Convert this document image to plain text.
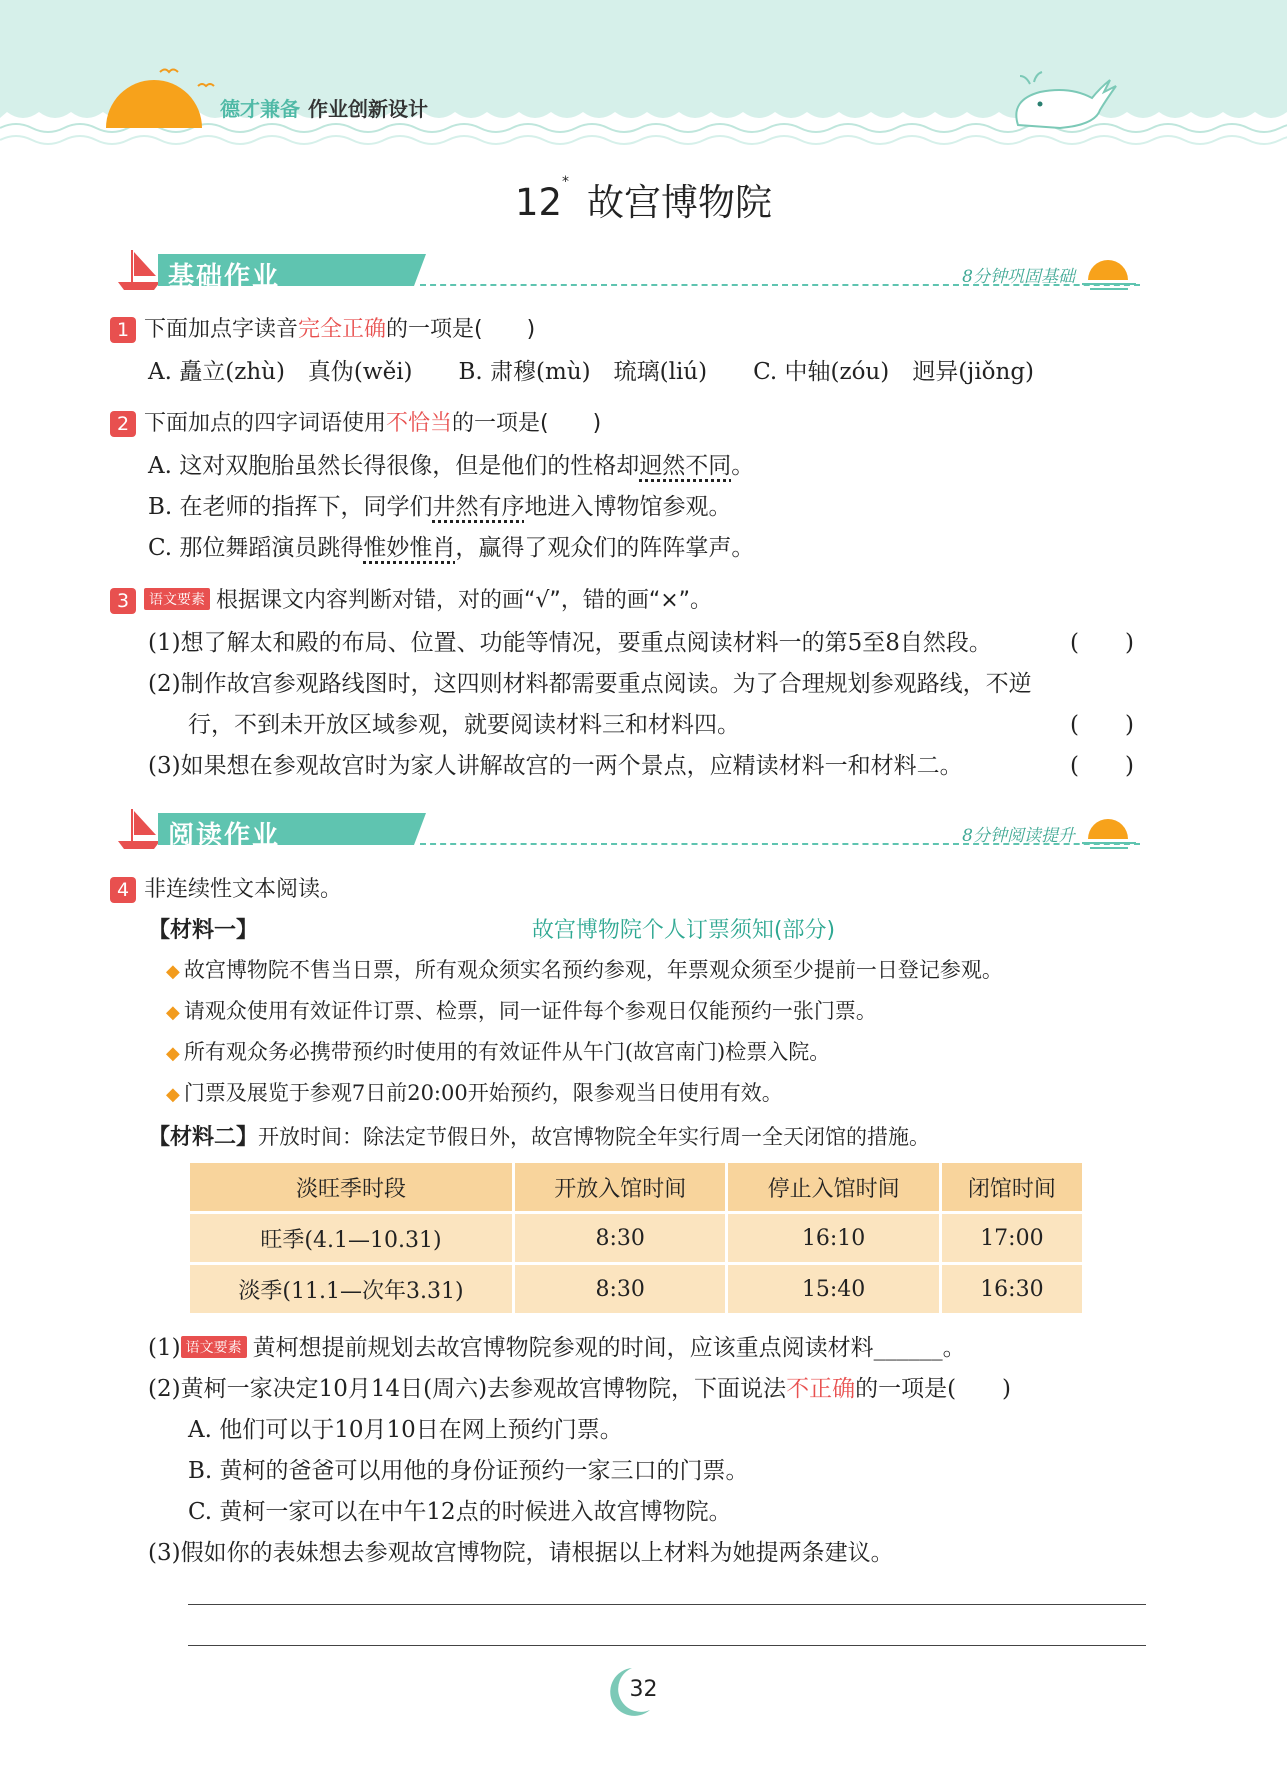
德才兼备 作业创新设计
12* 故宫博物院
基础作业	8分钟巩固基础
1 下面加点字读音完全正确的一项是(　　)
A. 矗立(zhù)　真伪(wěi)　　B. 肃穆(mù)　琉璃(liú)　　C. 中轴(zóu)　迥异(jiǒng)
2 下面加点的四字词语使用不恰当的一项是(　　)
A. 这对双胞胎虽然长得很像，但是他们的性格却迥然不同。
B. 在老师的指挥下，同学们井然有序地进入博物馆参观。
C. 那位舞蹈演员跳得惟妙惟肖，赢得了观众们的阵阵掌声。
3 语文要素 根据课文内容判断对错，对的画“√”，错的画“×”。
(1)想了解太和殿的布局、位置、功能等情况，要重点阅读材料一的第5至8自然段。	(　　)
(2)制作故宫参观路线图时，这四则材料都需要重点阅读。为了合理规划参观路线，不逆
行，不到未开放区域参观，就要阅读材料三和材料四。	(　　)
(3)如果想在参观故宫时为家人讲解故宫的一两个景点，应精读材料一和材料二。	(　　)
阅读作业	8分钟阅读提升
4 非连续性文本阅读。
【材料一】	故宫博物院个人订票须知(部分)
◆ 故宫博物院不售当日票，所有观众须实名预约参观，年票观众须至少提前一日登记参观。
◆ 请观众使用有效证件订票、检票，同一证件每个参观日仅能预约一张门票。
◆ 所有观众务必携带预约时使用的有效证件从午门(故宫南门)检票入院。
◆ 门票及展览于参观7日前20:00开始预约，限参观当日使用有效。
【材料二】开放时间：除法定节假日外，故宫博物院全年实行周一全天闭馆的措施。
淡旺季时段	开放入馆时间	停止入馆时间	闭馆时间
旺季(4.1—10.31)	8:30	16:10	17:00
淡季(11.1—次年3.31)	8:30	15:40	16:30
(1) 语文要素 黄柯想提前规划去故宫博物院参观的时间，应该重点阅读材料______。
(2)黄柯一家决定10月14日(周六)去参观故宫博物院，下面说法不正确的一项是(　　)
A. 他们可以于10月10日在网上预约门票。
B. 黄柯的爸爸可以用他的身份证预约一家三口的门票。
C. 黄柯一家可以在中午12点的时候进入故宫博物院。
(3)假如你的表妹想去参观故宫博物院，请根据以上材料为她提两条建议。
32
